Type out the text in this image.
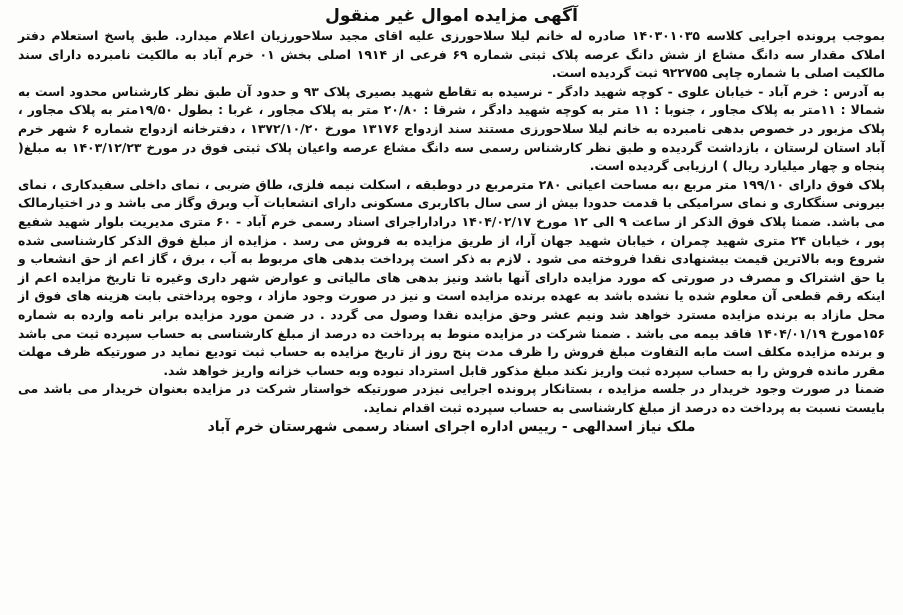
آگهی مزایده اموال غیر منقول

بموجب پرونده اجرایی کلاسه ۱۴۰۳۰۱۰۳۵ صادره له خانم لیلا سلاحورزی علیه اقای مجید سلاحورزیان اعلام میدارد. طبق پاسخ استعلام دفتر املاک مقدار سه دانگ مشاع از شش دانگ عرصه پلاک ثبتی شماره ۶۹ فرعی از ۱۹۱۴ اصلی بخش ۰۱ خرم آباد به مالکیت نامبرده دارای سند مالکیت اصلی با شماره چاپی ۹۲۲۷۵۵ ثبت گردیده است.

به آدرس : خرم آباد - خیابان علوی - کوچه شهید دادگر - نرسیده به تقاطع شهید بصیری پلاک ۹۳ و حدود آن طبق نظر کارشناس محدود است به شمالا : ۱۱متر به پلاک مجاور ، جنوبا : ۱۱ متر به کوچه شهید دادگر ، شرقا : ۲۰/۸۰ متر به پلاک مجاور ، غربا : بطول ۱۹/۵۰متر به پلاک مجاور ، پلاک مزبور در خصوص بدهی نامبرده به خانم لیلا سلاحورزی مستند سند ازدواج ۱۳۱۷۶ مورخ ۱۳۷۲/۱۰/۲۰ ، دفترخانه ازدواج شماره ۶ شهر خرم آباد استان لرستان ، بازداشت گردیده و طبق نظر کارشناس رسمی سه دانگ مشاع عرصه واعیان پلاک ثبتی فوق در مورخ ۱۴۰۳/۱۲/۲۳ به مبلغ( پنجاه و چهار میلیارد ریال ) ارزیابی گردیده است.

پلاک فوق دارای ۱۹۹/۱۰ متر مربع ،به مساحت اعیانی ۲۸۰ مترمربع در دوطبقه ، اسکلت نیمه فلزی، طاق ضربی ، نمای داخلی سفیدکاری ، نمای بیرونی سنگکاری و نمای سرامیکی با قدمت حدودا بیش از سی سال باکاربری مسکونی دارای انشعابات آب وبرق وگاز می باشد و در اختیارمالک می باشد. ضمنا پلاک فوق الذکر از ساعت ۹ الی ۱۲ مورخ ۱۴۰۴/۰۲/۱۷ دراداراجرای اسناد رسمی خرم آباد - ۶۰ متری مدیریت بلوار شهید شفیع پور ، خیابان ۲۴ متری شهید چمران ، خیابان شهید جهان آرا، از طریق مزایده به فروش می رسد . مزایده از مبلغ فوق الذکر کارشناسی شده شروع وبه بالاترین قیمت بیشنهادی نقدا فروخته می شود . لازم به ذکر است پرداخت بدهی های مربوط به آب ، برق ، گاز اعم از حق انشعاب و یا حق اشتراک و مصرف در صورتی که مورد مزایده دارای آنها باشد ونیز بدهی های مالیاتی و عوارض شهر داری وغیره تا تاریخ مزایده اعم از اینکه رقم قطعی آن معلوم شده یا نشده باشد به عهده برنده مزایده است و نیز در صورت وجود مازاد ، وجوه پرداختی بابت هزینه های فوق از محل مازاد به برنده مزایده مسترد خواهد شد ونیم عشر وحق مزایده نقدا وصول می گردد . در ضمن مورد مزایده برابر نامه وارده به شماره ۱۵۶مورخ ۱۴۰۴/۰۱/۱۹ فاقد بیمه می باشد . ضمنا شرکت در مزایده منوط به پرداخت ده درصد از مبلغ کارشناسی به حساب سپرده ثبت می باشد و برنده مزایده مکلف است مابه التفاوت مبلغ فروش را ظرف مدت پنج روز از تاریخ مزایده به حساب ثبت تودیع نماید در صورتیکه ظرف مهلت مقرر مانده فروش را به حساب سپرده ثبت واریز نکند مبلغ مذکور قابل استرداد نبوده وبه حساب خزانه واریز خواهد شد.

ضمنا در صورت وجود خریدار در جلسه مزایده ، بستانکار پرونده اجرایی نیزدر صورتیکه خواستار شرکت در مزایده بعنوان خریدار می باشد می بایست نسبت به پرداخت ده درصد از مبلغ کارشناسی به حساب سپرده ثبت اقدام نماید.

ملک نیاز اسدالهی - رییس اداره اجرای اسناد رسمی شهرستان خرم آباد
